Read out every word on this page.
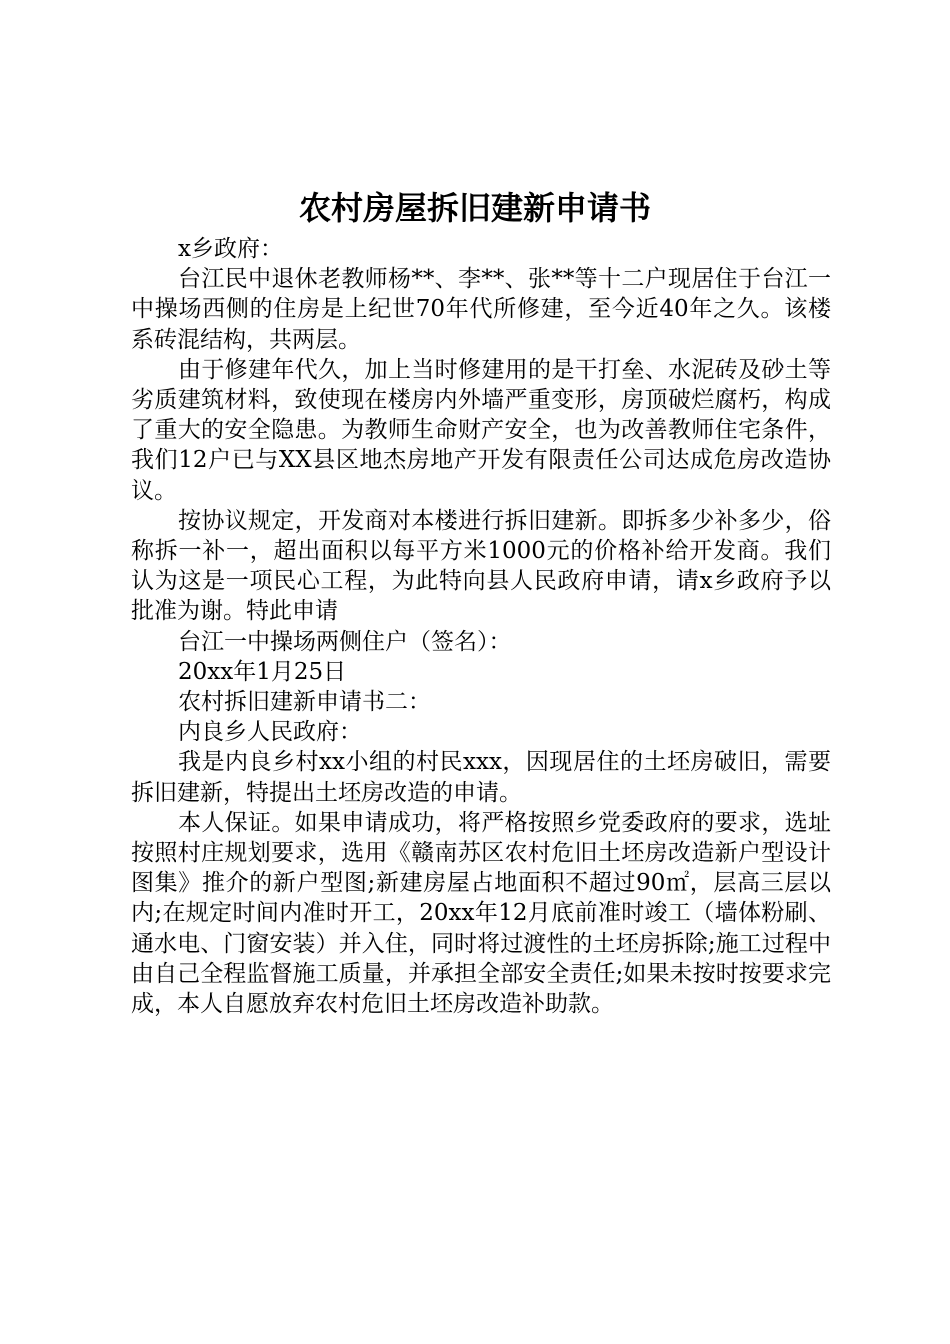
农村房屋拆旧建新申请书

x乡政府：

台江民中退休老教师杨**、李**、张**等十二户现居住于台江一中操场西侧的住房是上纪世70年代所修建，至今近40年之久。该楼系砖混结构，共两层。

由于修建年代久，加上当时修建用的是干打垒、水泥砖及砂土等劣质建筑材料，致使现在楼房内外墙严重变形，房顶破烂腐朽，构成了重大的安全隐患。为教师生命财产安全，也为改善教师住宅条件，我们12户已与XX县区地杰房地产开发有限责任公司达成危房改造协议。

按协议规定，开发商对本楼进行拆旧建新。即拆多少补多少，俗称拆一补一，超出面积以每平方米1000元的价格补给开发商。我们认为这是一项民心工程，为此特向县人民政府申请，请x乡政府予以批准为谢。特此申请

台江一中操场两侧住户（签名）：

20xx年1月25日

农村拆旧建新申请书二：

内良乡人民政府：

我是内良乡村xx小组的村民xxx，因现居住的土坯房破旧，需要拆旧建新，特提出土坯房改造的申请。

本人保证。如果申请成功，将严格按照乡党委政府的要求，选址按照村庄规划要求，选用《赣南苏区农村危旧土坯房改造新户型设计图集》推介的新户型图;新建房屋占地面积不超过90㎡，层高三层以内;在规定时间内准时开工，20xx年12月底前准时竣工（墙体粉刷、通水电、门窗安装）并入住，同时将过渡性的土坯房拆除;施工过程中由自己全程监督施工质量，并承担全部安全责任;如果未按时按要求完成，本人自愿放弃农村危旧土坯房改造补助款。
